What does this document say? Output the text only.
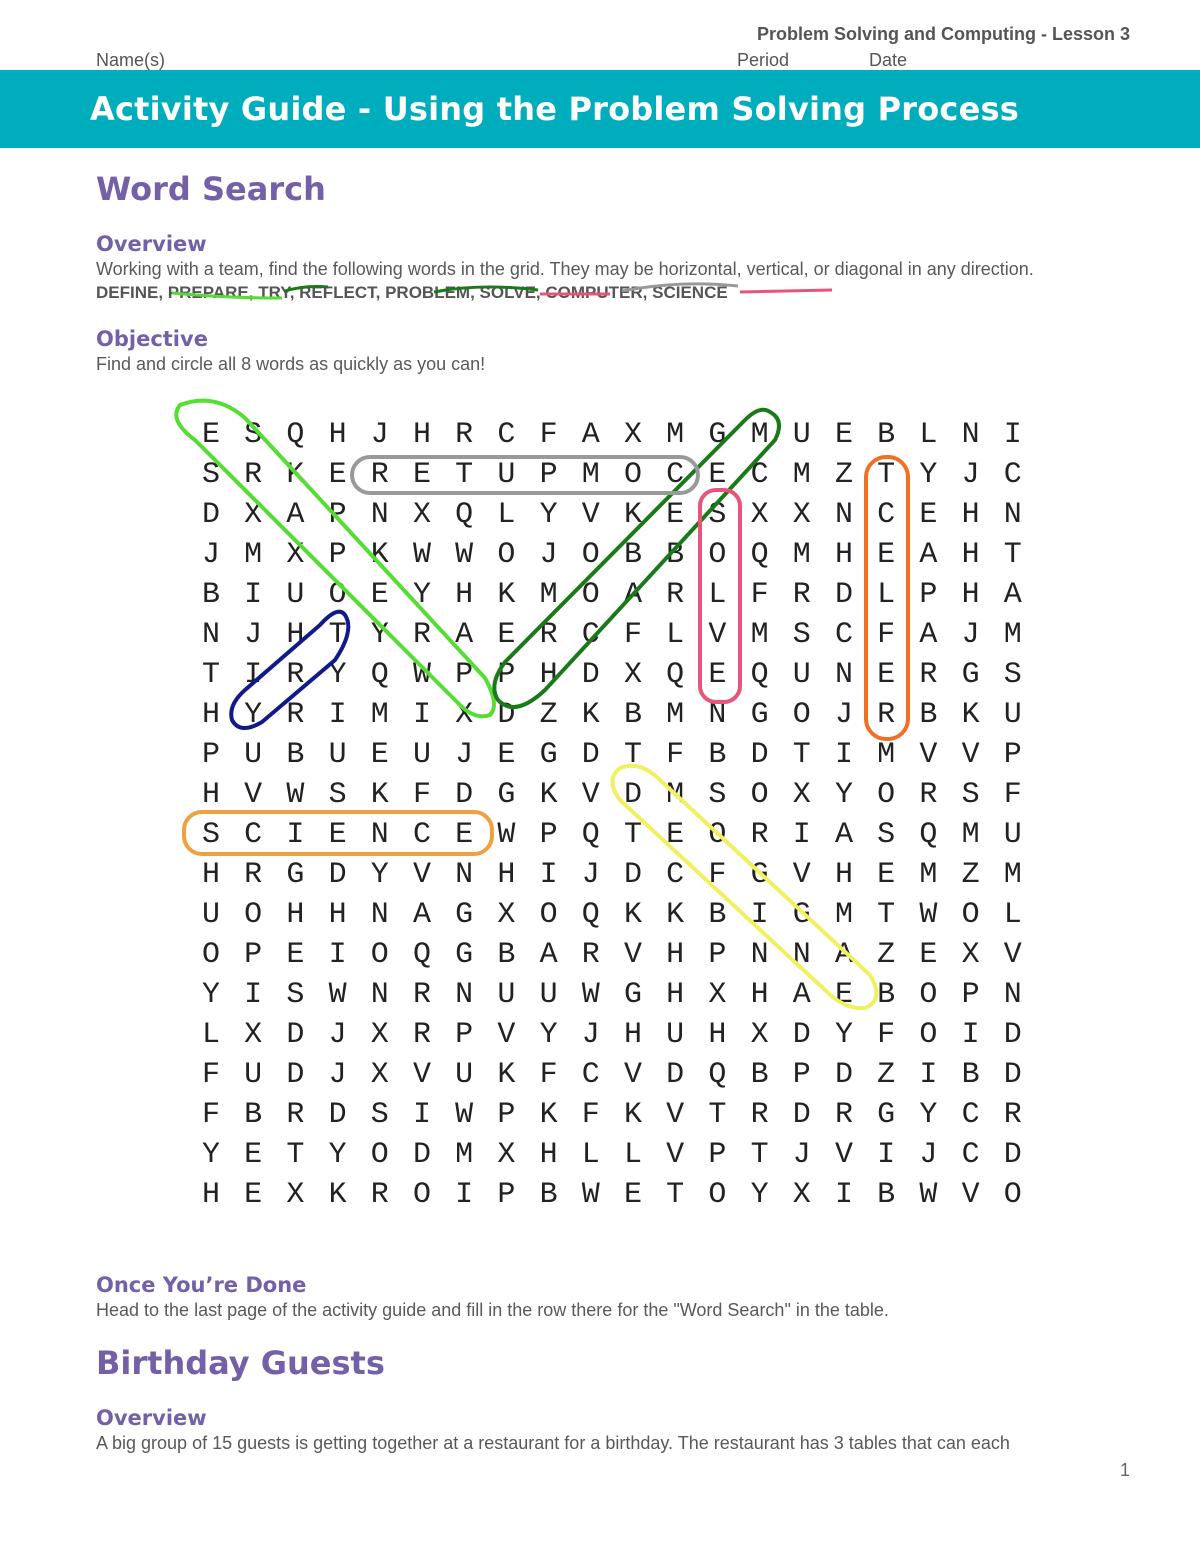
Problem Solving and Computing - Lesson 3
Name(s)	Period	Date
Activity Guide - Using the Problem Solving Process
Word Search
Overview
Working with a team, find the following words in the grid. They may be horizontal, vertical, or diagonal in any direction.
DEFINE, PREPARE, TRY, REFLECT, PROBLEM, SOLVE, COMPUTER, SCIENCE
Objective
Find and circle all 8 words as quickly as you can!
E S Q H J H R C F A X M G M U E B L N I
S R K E R E T U P M O C E C M Z T Y J C
D X A P N X Q L Y V K E S X X N C E H N
J M X P K W W O J O B B O Q M H E A H T
B I U O E Y H K M O A R L F R D L P H A
N J H T Y R A E R C F L V M S C F A J M
T I R Y Q W P P H D X Q E Q U N E R G S
H Y R I M I X D Z K B M N G O J R B K U
P U B U E U J E G D T F B D T I M V V P
H V W S K F D G K V D M S O X Y O R S F
S C I E N C E W P Q T E O R I A S Q M U
H R G D Y V N H I J D C F G V H E M Z M
U O H H N A G X O Q K K B I G M T W O L
O P E I O Q G B A R V H P N N A Z E X V
Y I S W N R N U U W G H X H A E B O P N
L X D J X R P V Y J H U H X D Y F O I D
F U D J X V U K F C V D Q B P D Z I B D
F B R D S I W P K F K V T R D R G Y C R
Y E T Y O D M X H L L V P T J V I J C D
H E X K R O I P B W E T O Y X I B W V O
Once You’re Done
Head to the last page of the activity guide and fill in the row there for the "Word Search" in the table.
Birthday Guests
Overview
A big group of 15 guests is getting together at a restaurant for a birthday. The restaurant has 3 tables that can each
1
